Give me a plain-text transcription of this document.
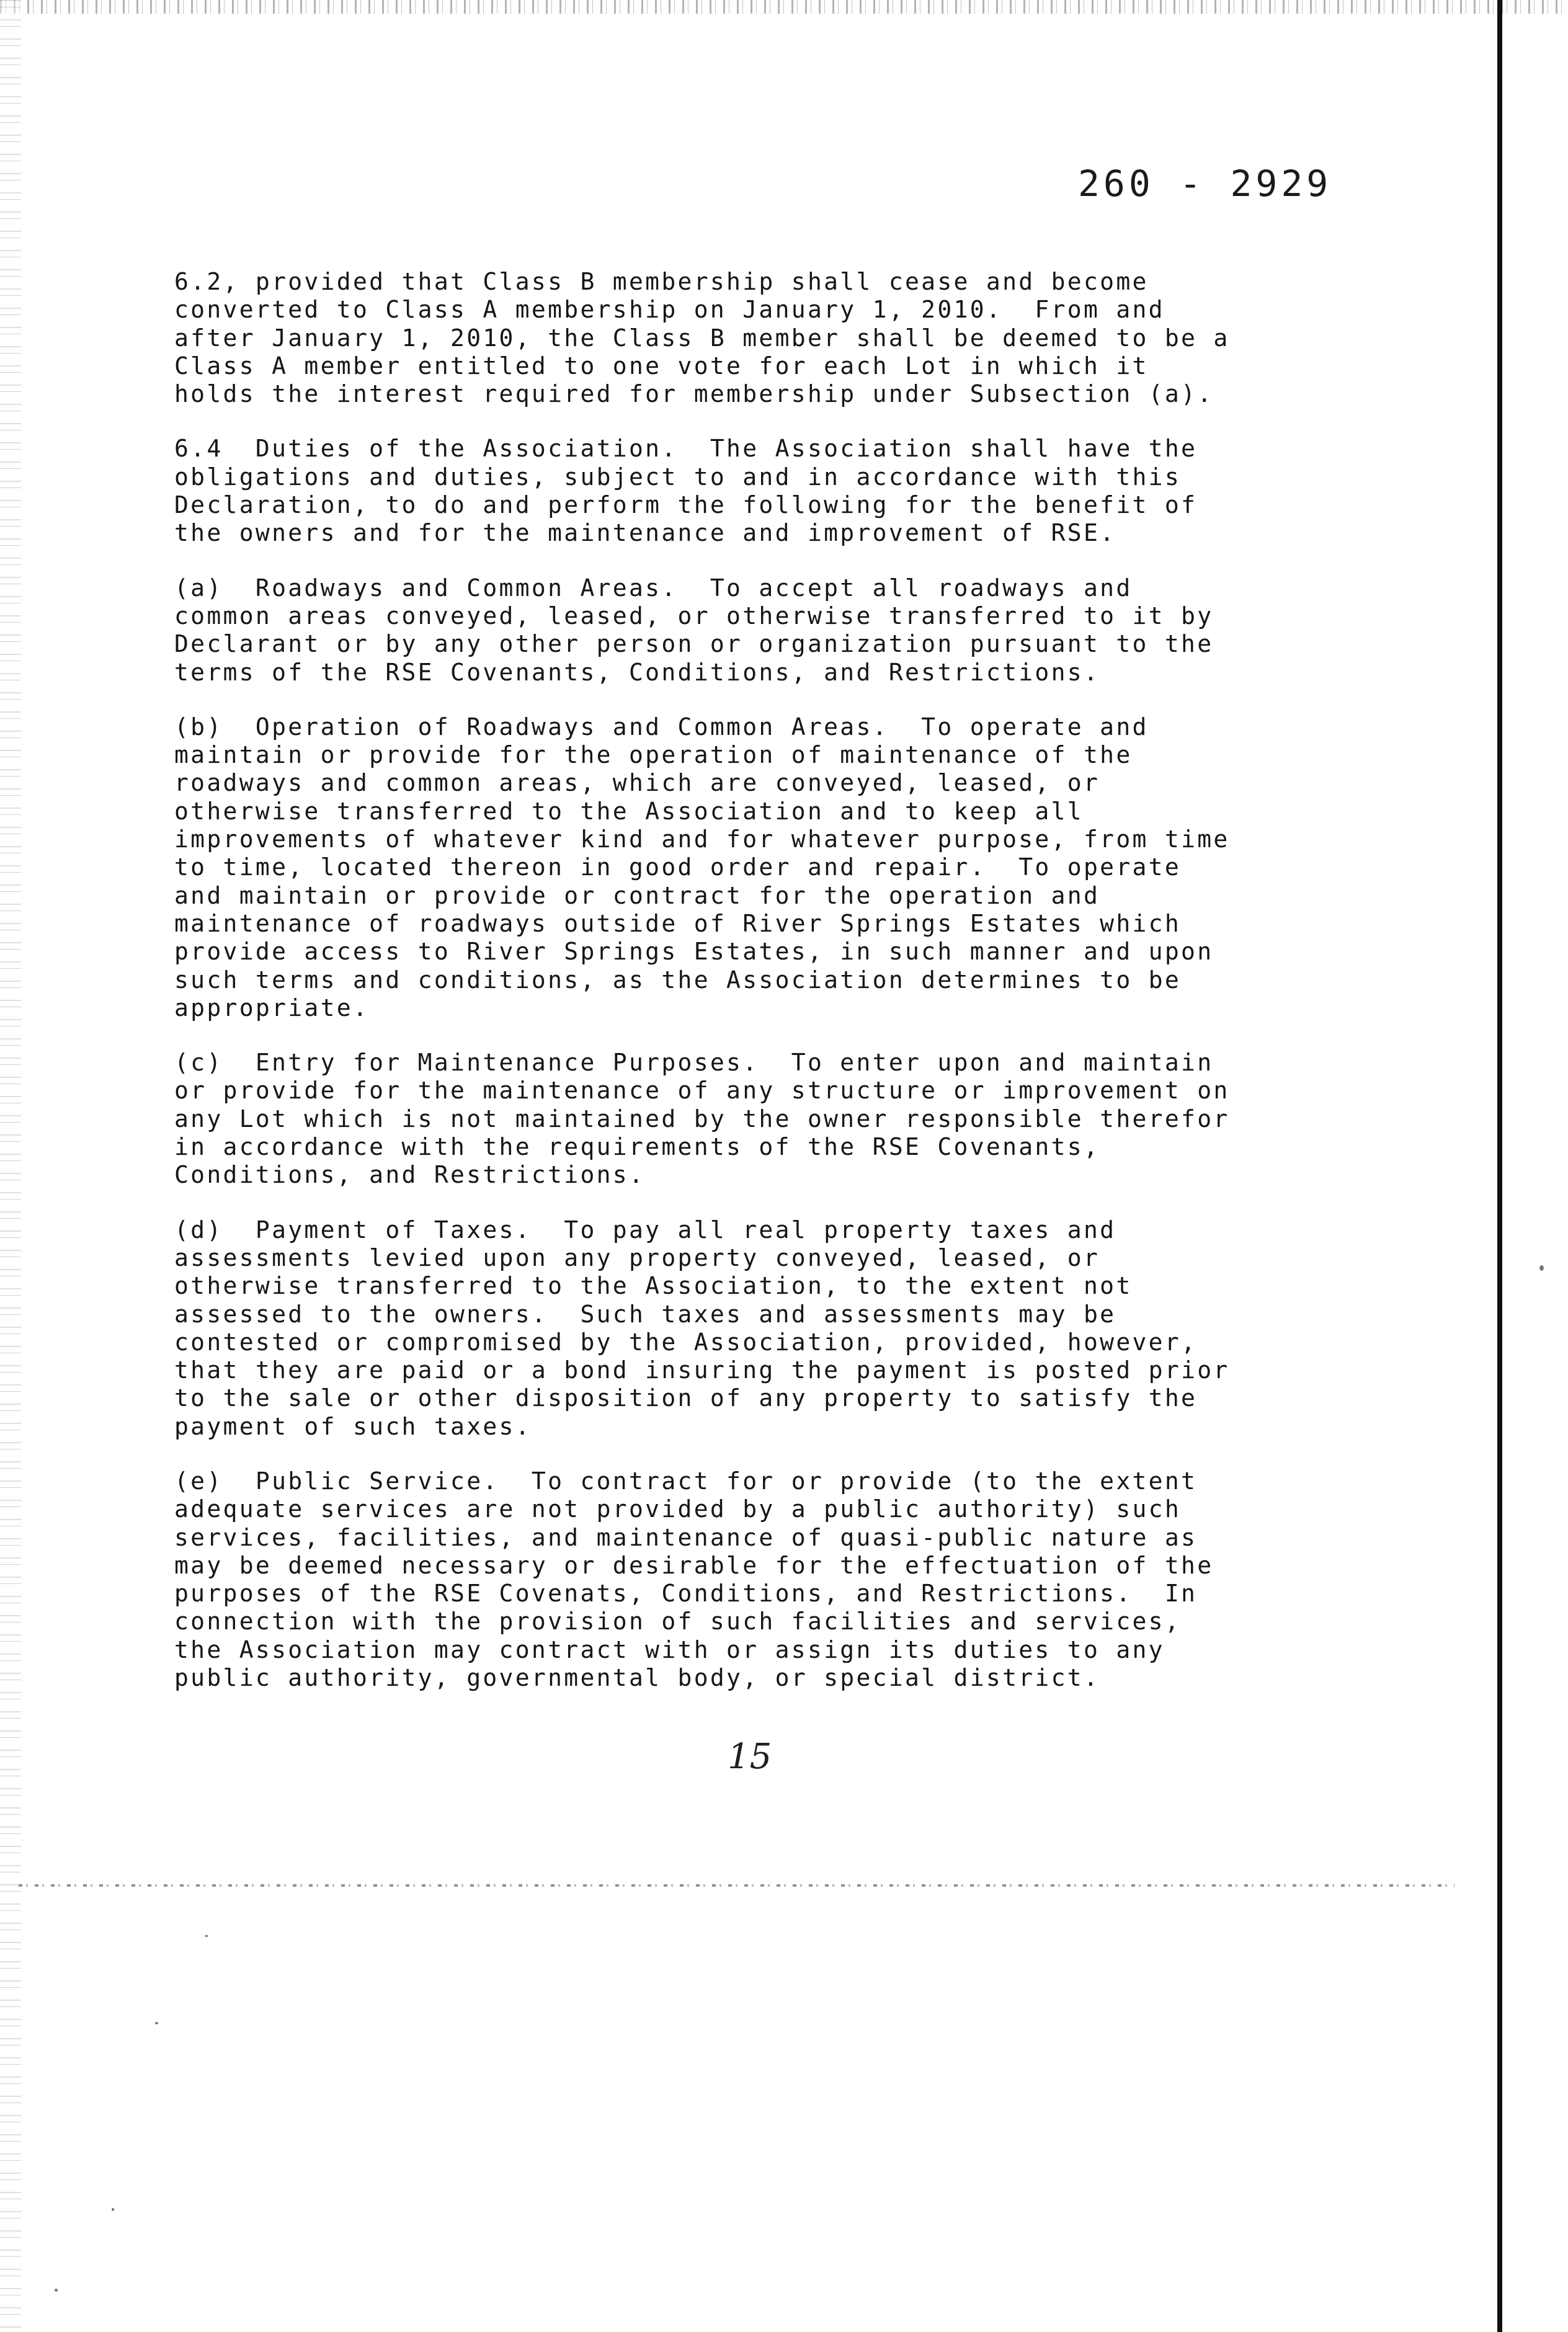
260 - 2929
6.2, provided that Class B membership shall cease and become
converted to Class A membership on January 1, 2010.  From and
after January 1, 2010, the Class B member shall be deemed to be a
Class A member entitled to one vote for each Lot in which it
holds the interest required for membership under Subsection (a).
6.4  Duties of the Association.  The Association shall have the
obligations and duties, subject to and in accordance with this
Declaration, to do and perform the following for the benefit of
the owners and for the maintenance and improvement of RSE.
(a)  Roadways and Common Areas.  To accept all roadways and
common areas conveyed, leased, or otherwise transferred to it by
Declarant or by any other person or organization pursuant to the
terms of the RSE Covenants, Conditions, and Restrictions.
(b)  Operation of Roadways and Common Areas.  To operate and
maintain or provide for the operation of maintenance of the
roadways and common areas, which are conveyed, leased, or
otherwise transferred to the Association and to keep all
improvements of whatever kind and for whatever purpose, from time
to time, located thereon in good order and repair.  To operate
and maintain or provide or contract for the operation and
maintenance of roadways outside of River Springs Estates which
provide access to River Springs Estates, in such manner and upon
such terms and conditions, as the Association determines to be
appropriate.
(c)  Entry for Maintenance Purposes.  To enter upon and maintain
or provide for the maintenance of any structure or improvement on
any Lot which is not maintained by the owner responsible therefor
in accordance with the requirements of the RSE Covenants,
Conditions, and Restrictions.
(d)  Payment of Taxes.  To pay all real property taxes and
assessments levied upon any property conveyed, leased, or
otherwise transferred to the Association, to the extent not
assessed to the owners.  Such taxes and assessments may be
contested or compromised by the Association, provided, however,
that they are paid or a bond insuring the payment is posted prior
to the sale or other disposition of any property to satisfy the
payment of such taxes.
(e)  Public Service.  To contract for or provide (to the extent
adequate services are not provided by a public authority) such
services, facilities, and maintenance of quasi-public nature as
may be deemed necessary or desirable for the effectuation of the
purposes of the RSE Covenats, Conditions, and Restrictions.  In
connection with the provision of such facilities and services,
the Association may contract with or assign its duties to any
public authority, governmental body, or special district.
15
